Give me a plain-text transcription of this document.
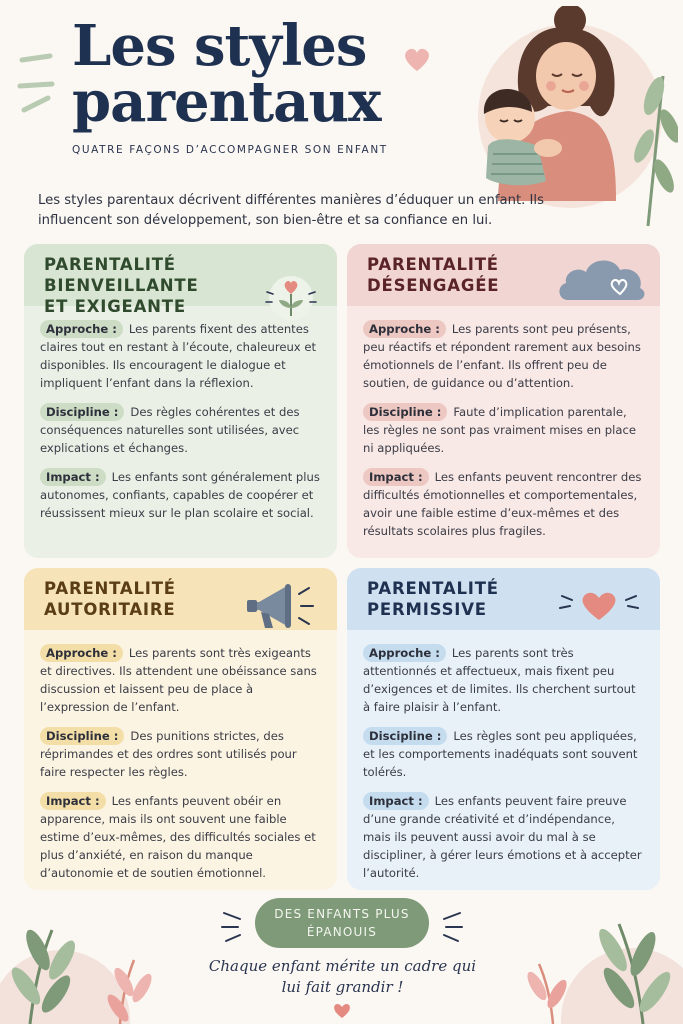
Les styles parentaux
QUATRE FAÇONS D’ACCOMPAGNER SON ENFANT
Les styles parentaux décrivent différentes manières d’éduquer un enfant. Ils influencent son développement, son bien-être et sa confiance en lui.
PARENTALITÉ BIENVEILLANTE
ET EXIGEANTE
Approche : Les parents fixent des attentes claires tout en restant à l’écoute, chaleureux et disponibles. Ils encouragent le dialogue et impliquent l’enfant dans la réflexion.
Discipline : Des règles cohérentes et des conséquences naturelles sont utilisées, avec explications et échanges.
Impact : Les enfants sont généralement plus autonomes, confiants, capables de coopérer et réussissent mieux sur le plan scolaire et social.
PARENTALITÉ
DÉSENGAGÉE
Approche : Les parents sont peu présents, peu réactifs et répondent rarement aux besoins émotionnels de l’enfant. Ils offrent peu de soutien, de guidance ou d’attention.
Discipline : Faute d’implication parentale, les règles ne sont pas vraiment mises en place ni appliquées.
Impact : Les enfants peuvent rencontrer des difficultés émotionnelles et comportementales, avoir une faible estime d’eux-mêmes et des résultats scolaires plus fragiles.
PARENTALITÉ
AUTORITAIRE
Approche : Les parents sont très exigeants et directives. Ils attendent une obéissance sans discussion et laissent peu de place à l’expression de l’enfant.
Discipline : Des punitions strictes, des réprimandes et des ordres sont utilisés pour faire respecter les règles.
Impact : Les enfants peuvent obéir en apparence, mais ils ont souvent une faible estime d’eux-mêmes, des difficultés sociales et plus d’anxiété, en raison du manque d’autonomie et de soutien émotionnel.
PARENTALITÉ
PERMISSIVE
Approche : Les parents sont très attentionnés et affectueux, mais fixent peu d’exigences et de limites. Ils cherchent surtout à faire plaisir à l’enfant.
Discipline : Les règles sont peu appliquées, et les comportements inadéquats sont souvent tolérés.
Impact : Les enfants peuvent faire preuve d’une grande créativité et d’indépendance, mais ils peuvent aussi avoir du mal à se discipliner, à gérer leurs émotions et à accepter l’autorité.
DES ENFANTS PLUS ÉPANOUIS
Chaque enfant mérite un cadre qui lui fait grandir !
